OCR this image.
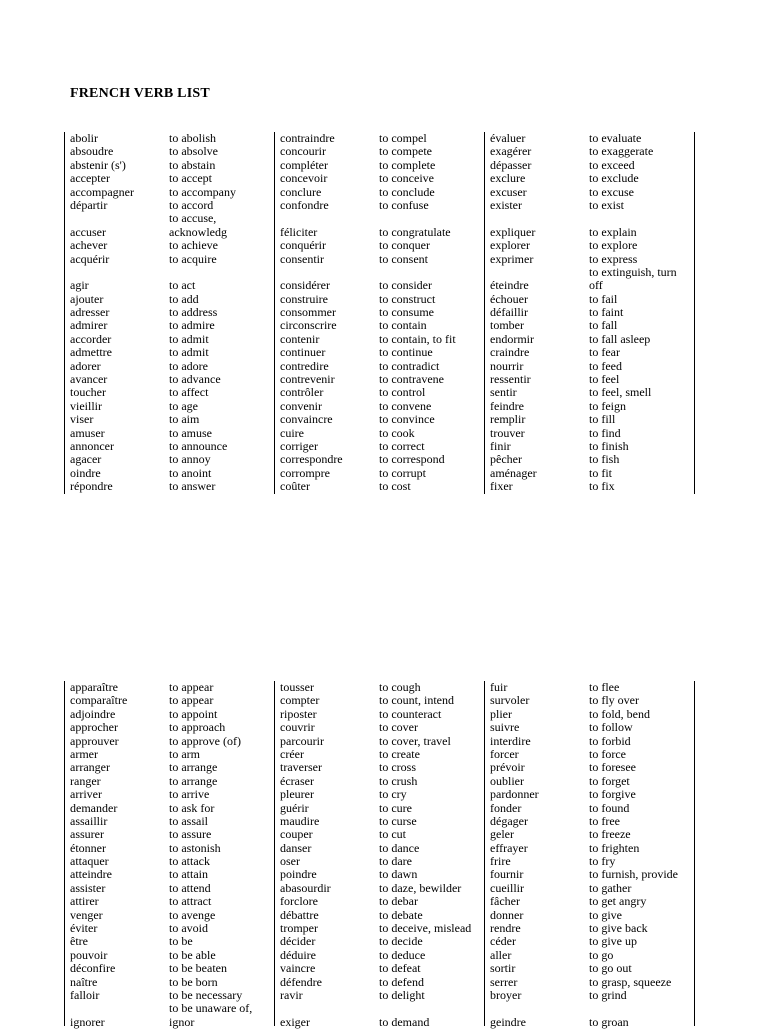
FRENCH VERB LIST
abolir
absoudre
abstenir (s')
accepter
accompagner
départir
accuser
achever
acquérir
agir
ajouter
adresser
admirer
accorder
admettre
adorer
avancer
toucher
vieillir
viser
amuser
annoncer
agacer
oindre
répondre
to abolish
to absolve
to abstain
to accept
to accompany
to accord
to accuse,
acknowledg
to achieve
to acquire
to act
to add
to address
to admire
to admit
to admit
to adore
to advance
to affect
to age
to aim
to amuse
to announce
to annoy
to anoint
to answer
contraindre
concourir
compléter
concevoir
conclure
confondre
féliciter
conquérir
consentir
considérer
construire
consommer
circonscrire
contenir
continuer
contredire
contrevenir
contrôler
convenir
convaincre
cuire
corriger
correspondre
corrompre
coûter
to compel
to compete
to complete
to conceive
to conclude
to confuse
to congratulate
to conquer
to consent
to consider
to construct
to consume
to contain
to contain, to fit
to continue
to contradict
to contravene
to control
to convene
to convince
to cook
to correct
to correspond
to corrupt
to cost
évaluer
exagérer
dépasser
exclure
excuser
exister
expliquer
explorer
exprimer
éteindre
échouer
défaillir
tomber
endormir
craindre
nourrir
ressentir
sentir
feindre
remplir
trouver
finir
pêcher
aménager
fixer
to evaluate
to exaggerate
to exceed
to exclude
to excuse
to exist
to explain
to explore
to express
to extinguish, turn
off
to fail
to faint
to fall
to fall asleep
to fear
to feed
to feel
to feel, smell
to feign
to fill
to find
to finish
to fish
to fit
to fix
apparaître
comparaître
adjoindre
approcher
approuver
armer
arranger
ranger
arriver
demander
assaillir
assurer
étonner
attaquer
atteindre
assister
attirer
venger
éviter
être
pouvoir
déconfire
naître
falloir
ignorer
to appear
to appear
to appoint
to approach
to approve (of)
to arm
to arrange
to arrange
to arrive
to ask for
to assail
to assure
to astonish
to attack
to attain
to attend
to attract
to avenge
to avoid
to be
to be able
to be beaten
to be born
to be necessary
to be unaware of,
ignor
tousser
compter
riposter
couvrir
parcourir
créer
traverser
écraser
pleurer
guérir
maudire
couper
danser
oser
poindre
abasourdir
forclore
débattre
tromper
décider
déduire
vaincre
défendre
ravir
exiger
to cough
to count, intend
to counteract
to cover
to cover, travel
to create
to cross
to crush
to cry
to cure
to curse
to cut
to dance
to dare
to dawn
to daze, bewilder
to debar
to debate
to deceive, mislead
to decide
to deduce
to defeat
to defend
to delight
to demand
fuir
survoler
plier
suivre
interdire
forcer
prévoir
oublier
pardonner
fonder
dégager
geler
effrayer
frire
fournir
cueillir
fâcher
donner
rendre
céder
aller
sortir
serrer
broyer
geindre
to flee
to fly over
to fold, bend
to follow
to forbid
to force
to foresee
to forget
to forgive
to found
to free
to freeze
to frighten
to fry
to furnish, provide
to gather
to get angry
to give
to give back
to give up
to go
to go out
to grasp, squeeze
to grind
to groan
